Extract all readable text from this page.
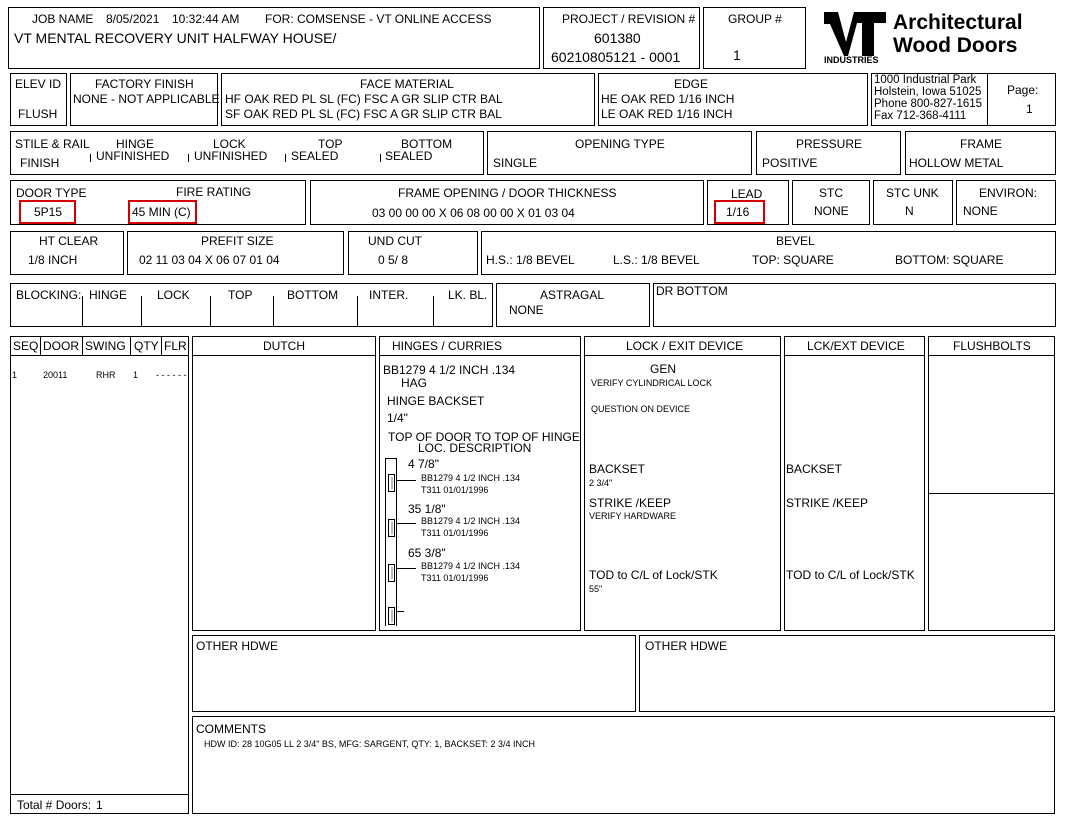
JOB NAME 8/05/2021 10:32:44 AM FOR: COMSENSE - VT ONLINE ACCESS
VT MENTAL RECOVERY UNIT HALFWAY HOUSE/
PROJECT / REVISION #
601380
60210805121 - 0001
GROUP #
1	INDUSTRIES
Architectural
Wood Doors
ELEV ID
FLUSH
FACTORY FINISH
NONE - NOT APPLICABLE
FACE MATERIAL
HF OAK RED PL SL (FC) FSC A GR SLIP CTR BAL
SF OAK RED PL SL (FC) FSC A GR SLIP CTR BAL
EDGE
HE OAK RED 1/16 INCH
LE OAK RED 1/16 INCH
1000 Industrial Park
Holstein, Iowa 51025
Phone 800-827-1615
Fax 712-368-4111
Page:
1
STILE & RAIL
FINISH
HINGE
UNFINISHED
LOCK
UNFINISHED
TOP
SEALED
BOTTOM
SEALED
OPENING TYPE
SINGLE
PRESSURE
POSITIVE
FRAME
HOLLOW METAL
DOOR TYPE
5P15
FIRE RATING
45 MIN (C)
FRAME OPENING / DOOR THICKNESS
03 00 00 00 X 06 08 00 00 X 01 03 04
LEAD
1/16
STC
NONE
STC UNK
N
ENVIRON:
NONE
HT CLEAR
1/8 INCH
PREFIT SIZE
02 11 03 04 X 06 07 01 04
UND CUT
0 5/ 8
BEVEL
H.S.: 1/8 BEVEL	L.S.: 1/8 BEVEL	TOP: SQUARE	BOTTOM: SQUARE
BLOCKING: HINGE LOCK	TOP	BOTTOM	INTER.	LK. BL.	ASTRAGAL
NONE
DR BOTTOM
SEQ DOOR SWING QTY FLR
1	20011	RHR 1 - - - - - -
Total # Doors: 1
DUTCH	HINGES / CURRIES
BB1279 4 1/2 INCH .134
HAG
HINGE BACKSET
1/4"
TOP OF DOOR TO TOP OF HINGE
LOC. DESCRIPTION
4 7/8"
BB1279 4 1/2 INCH .134
T311 01/01/1996
35 1/8"
BB1279 4 1/2 INCH .134
T311 01/01/1996
65 3/8"
BB1279 4 1/2 INCH .134
T311 01/01/1996
LOCK / EXIT DEVICE
GEN
VERIFY CYLINDRICAL LOCK
QUESTION ON DEVICE
BACKSET
2 3/4"
STRIKE /KEEP
VERIFY HARDWARE
TOD to C/L of Lock/STK
55"
LCK/EXT DEVICE
BACKSET
STRIKE /KEEP
TOD to C/L of Lock/STK
FLUSHBOLTS
OTHER HDWE	OTHER HDWE
COMMENTS
HDW ID: 28 10G05 LL 2 3/4" BS, MFG: SARGENT, QTY: 1, BACKSET: 2 3/4 INCH
